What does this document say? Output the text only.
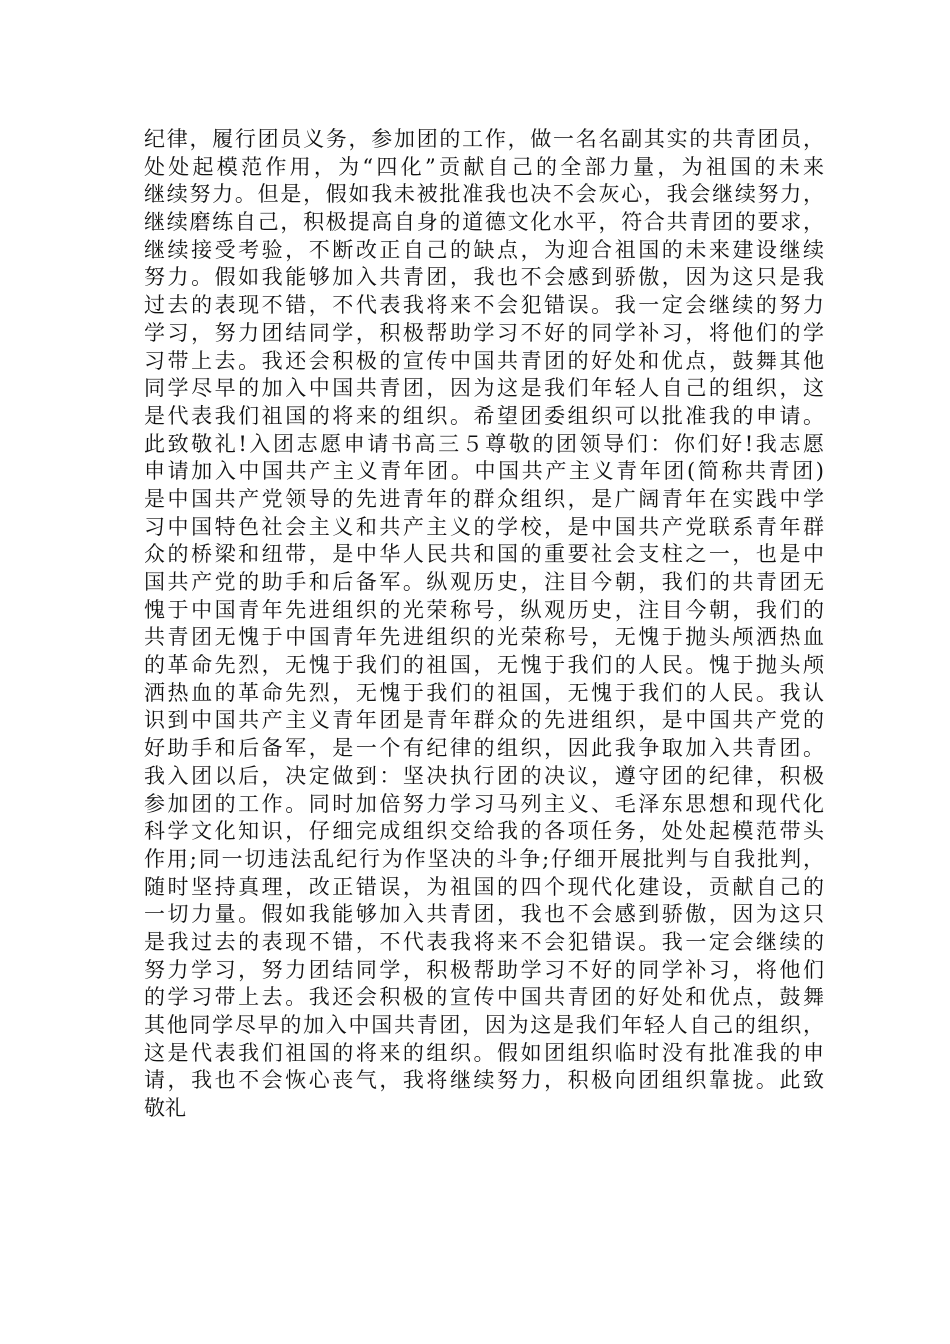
纪律，履行团员义务，参加团的工作，做一名名副其实的共青团员，
处处起模范作用，为“四化”贡献自己的全部力量，为祖国的未来
继续努力。但是，假如我未被批准我也决不会灰心，我会继续努力，
继续磨练自己，积极提高自身的道德文化水平，符合共青团的要求，
继续接受考验，不断改正自己的缺点，为迎合祖国的未来建设继续
努力。假如我能够加入共青团，我也不会感到骄傲，因为这只是我
过去的表现不错，不代表我将来不会犯错误。我一定会继续的努力
学习，努力团结同学，积极帮助学习不好的同学补习，将他们的学
习带上去。我还会积极的宣传中国共青团的好处和优点，鼓舞其他
同学尽早的加入中国共青团，因为这是我们年轻人自己的组织，这
是代表我们祖国的将来的组织。希望团委组织可以批准我的申请。
此致敬礼!入团志愿申请书高三５尊敬的团领导们：你们好!我志愿
申请加入中国共产主义青年团。中国共产主义青年团(简称共青团)
是中国共产党领导的先进青年的群众组织，是广阔青年在实践中学
习中国特色社会主义和共产主义的学校，是中国共产党联系青年群
众的桥梁和纽带，是中华人民共和国的重要社会支柱之一，也是中
国共产党的助手和后备军。纵观历史，注目今朝，我们的共青团无
愧于中国青年先进组织的光荣称号，纵观历史，注目今朝，我们的
共青团无愧于中国青年先进组织的光荣称号，无愧于抛头颅洒热血
的革命先烈，无愧于我们的祖国，无愧于我们的人民。愧于抛头颅
洒热血的革命先烈，无愧于我们的祖国，无愧于我们的人民。我认
识到中国共产主义青年团是青年群众的先进组织，是中国共产党的
好助手和后备军，是一个有纪律的组织，因此我争取加入共青团。
我入团以后，决定做到：坚决执行团的决议，遵守团的纪律，积极
参加团的工作。同时加倍努力学习马列主义、毛泽东思想和现代化
科学文化知识，仔细完成组织交给我的各项任务，处处起模范带头
作用;同一切违法乱纪行为作坚决的斗争;仔细开展批判与自我批判，
随时坚持真理，改正错误，为祖国的四个现代化建设，贡献自己的
一切力量。假如我能够加入共青团，我也不会感到骄傲，因为这只
是我过去的表现不错，不代表我将来不会犯错误。我一定会继续的
努力学习，努力团结同学，积极帮助学习不好的同学补习，将他们
的学习带上去。我还会积极的宣传中国共青团的好处和优点，鼓舞
其他同学尽早的加入中国共青团，因为这是我们年轻人自己的组织，
这是代表我们祖国的将来的组织。假如团组织临时没有批准我的申
请，我也不会恢心丧气，我将继续努力，积极向团组织靠拢。此致
敬礼
